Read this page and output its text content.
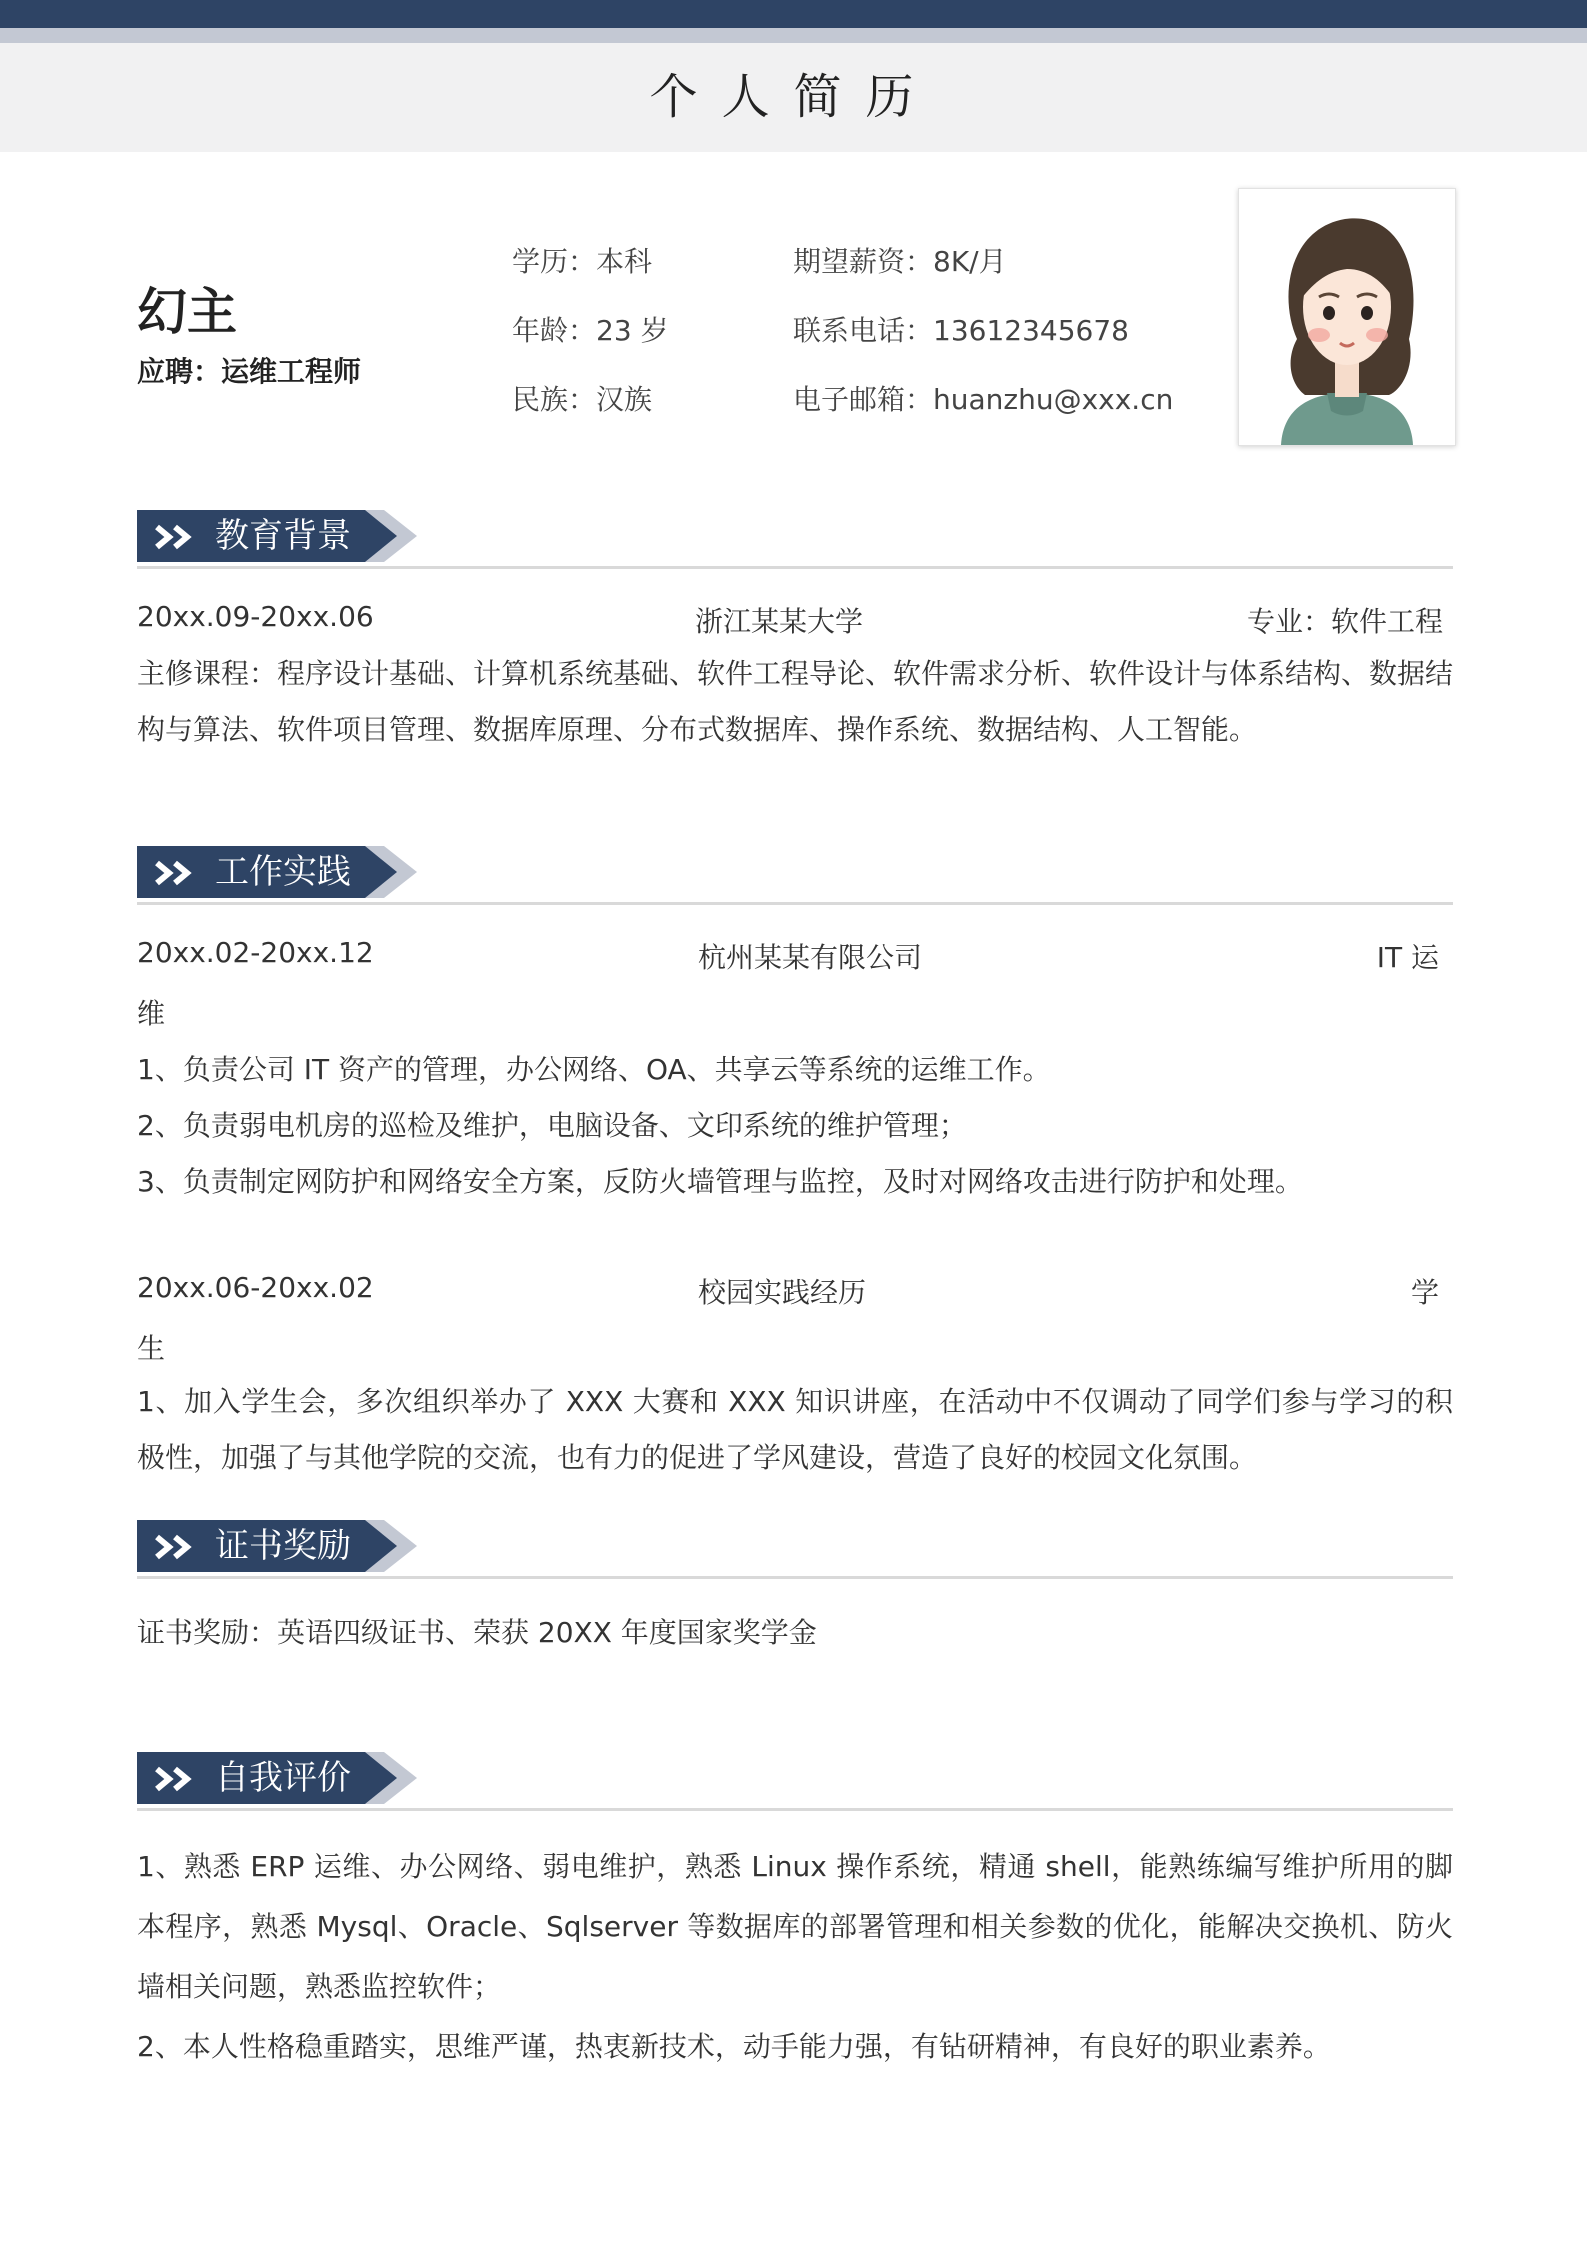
个人简历
幻主
应聘：运维工程师
学历：本科
年龄：23 岁
民族：汉族
期望薪资：8K/月
联系电话：13612345678
电子邮箱：huanzhu@xxx.cn
教育背景
20xx.09-20xx.06	浙江某某大学	专业：软件工程
主修课程：程序设计基础、计算机系统基础、软件工程导论、软件需求分析、软件设计与体系结构、数据结构与算法、软件项目管理、数据库原理、分布式数据库、操作系统、数据结构、人工智能。
工作实践
20xx.02-20xx.12	杭州某某有限公司	IT 运
维
1、负责公司 IT 资产的管理，办公网络、OA、共享云等系统的运维工作。
2、负责弱电机房的巡检及维护，电脑设备、文印系统的维护管理；
3、负责制定网防护和网络安全方案，反防火墙管理与监控，及时对网络攻击进行防护和处理。
20xx.06-20xx.02	校园实践经历	学
生
1、加入学生会，多次组织举办了 XXX 大赛和 XXX 知识讲座，在活动中不仅调动了同学们参与学习的积极性，加强了与其他学院的交流，也有力的促进了学风建设，营造了良好的校园文化氛围。
证书奖励
证书奖励：英语四级证书、荣获 20XX 年度国家奖学金
自我评价
1、熟悉 ERP 运维、办公网络、弱电维护，熟悉 Linux 操作系统，精通 shell，能熟练编写维护所用的脚本程序，熟悉 Mysql、Oracle、Sqlserver 等数据库的部署管理和相关参数的优化，能解决交换机、防火墙相关问题，熟悉监控软件；
2、本人性格稳重踏实，思维严谨，热衷新技术，动手能力强，有钻研精神，有良好的职业素养。
